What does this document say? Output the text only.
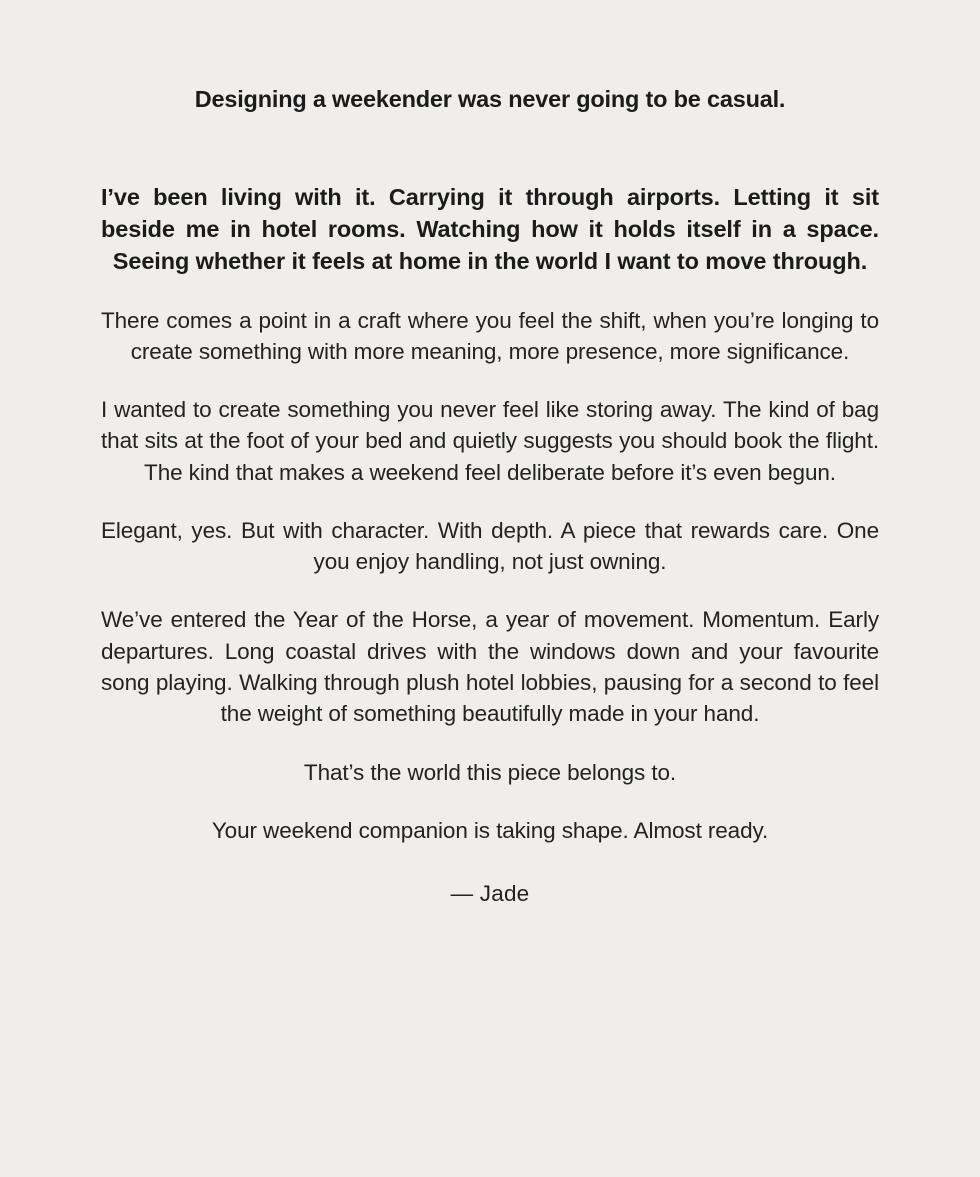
Designing a weekender was never going to be casual.

I’ve been living with it. Carrying it through airports. Letting it sit beside me in hotel rooms. Watching how it holds itself in a space. Seeing whether it feels at home in the world I want to move through.

There comes a point in a craft where you feel the shift, when you’re longing to create something with more meaning, more presence, more significance.

I wanted to create something you never feel like storing away. The kind of bag that sits at the foot of your bed and quietly suggests you should book the flight. The kind that makes a weekend feel deliberate before it’s even begun.

Elegant, yes. But with character. With depth. A piece that rewards care. One you enjoy handling, not just owning.

We’ve entered the Year of the Horse, a year of movement. Momentum. Early departures. Long coastal drives with the windows down and your favourite song playing. Walking through plush hotel lobbies, pausing for a second to feel the weight of something beautifully made in your hand.

That’s the world this piece belongs to.

Your weekend companion is taking shape. Almost ready.

— Jade
